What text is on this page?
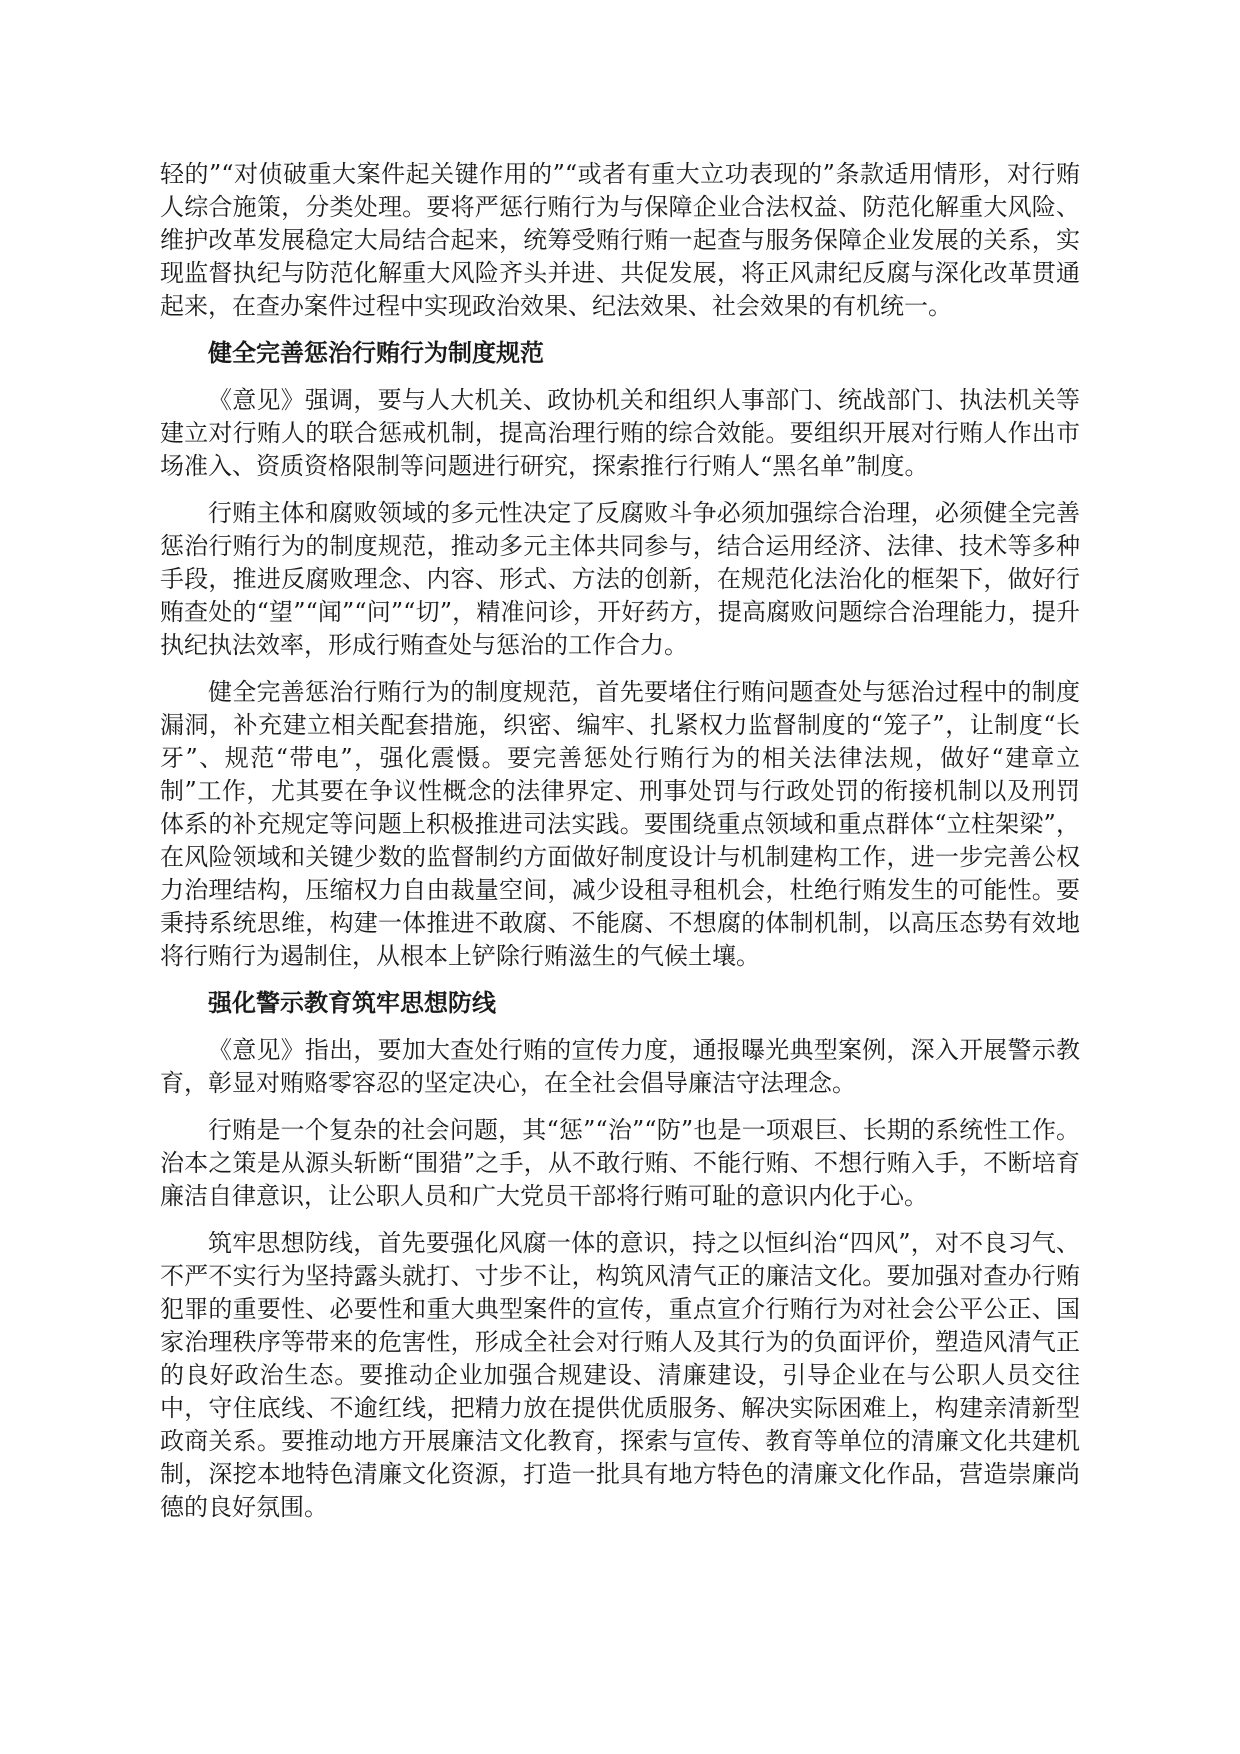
轻的”“对侦破重大案件起关键作用的”“或者有重大立功表现的”条款适用情形，对行贿人综合施策，分类处理。要将严惩行贿行为与保障企业合法权益、防范化解重大风险、维护改革发展稳定大局结合起来，统筹受贿行贿一起查与服务保障企业发展的关系，实现监督执纪与防范化解重大风险齐头并进、共促发展，将正风肃纪反腐与深化改革贯通起来，在查办案件过程中实现政治效果、纪法效果、社会效果的有机统一。

健全完善惩治行贿行为制度规范

《意见》强调，要与人大机关、政协机关和组织人事部门、统战部门、执法机关等建立对行贿人的联合惩戒机制，提高治理行贿的综合效能。要组织开展对行贿人作出市场准入、资质资格限制等问题进行研究，探索推行行贿人“黑名单”制度。

行贿主体和腐败领域的多元性决定了反腐败斗争必须加强综合治理，必须健全完善惩治行贿行为的制度规范，推动多元主体共同参与，结合运用经济、法律、技术等多种手段，推进反腐败理念、内容、形式、方法的创新，在规范化法治化的框架下，做好行贿查处的“望”“闻”“问”“切”，精准问诊，开好药方，提高腐败问题综合治理能力，提升执纪执法效率，形成行贿查处与惩治的工作合力。

健全完善惩治行贿行为的制度规范，首先要堵住行贿问题查处与惩治过程中的制度漏洞，补充建立相关配套措施，织密、编牢、扎紧权力监督制度的“笼子”，让制度“长牙”、规范“带电”，强化震慑。要完善惩处行贿行为的相关法律法规，做好“建章立制”工作，尤其要在争议性概念的法律界定、刑事处罚与行政处罚的衔接机制以及刑罚体系的补充规定等问题上积极推进司法实践。要围绕重点领域和重点群体“立柱架梁”，在风险领域和关键少数的监督制约方面做好制度设计与机制建构工作，进一步完善公权力治理结构，压缩权力自由裁量空间，减少设租寻租机会，杜绝行贿发生的可能性。要秉持系统思维，构建一体推进不敢腐、不能腐、不想腐的体制机制，以高压态势有效地将行贿行为遏制住，从根本上铲除行贿滋生的气候土壤。

强化警示教育筑牢思想防线

《意见》指出，要加大查处行贿的宣传力度，通报曝光典型案例，深入开展警示教育，彰显对贿赂零容忍的坚定决心，在全社会倡导廉洁守法理念。

行贿是一个复杂的社会问题，其“惩”“治”“防”也是一项艰巨、长期的系统性工作。治本之策是从源头斩断“围猎”之手，从不敢行贿、不能行贿、不想行贿入手，不断培育廉洁自律意识，让公职人员和广大党员干部将行贿可耻的意识内化于心。

筑牢思想防线，首先要强化风腐一体的意识，持之以恒纠治“四风”，对不良习气、不严不实行为坚持露头就打、寸步不让，构筑风清气正的廉洁文化。要加强对查办行贿犯罪的重要性、必要性和重大典型案件的宣传，重点宣介行贿行为对社会公平公正、国家治理秩序等带来的危害性，形成全社会对行贿人及其行为的负面评价，塑造风清气正的良好政治生态。要推动企业加强合规建设、清廉建设，引导企业在与公职人员交往中，守住底线、不逾红线，把精力放在提供优质服务、解决实际困难上，构建亲清新型政商关系。要推动地方开展廉洁文化教育，探索与宣传、教育等单位的清廉文化共建机制，深挖本地特色清廉文化资源，打造一批具有地方特色的清廉文化作品，营造崇廉尚德的良好氛围。
